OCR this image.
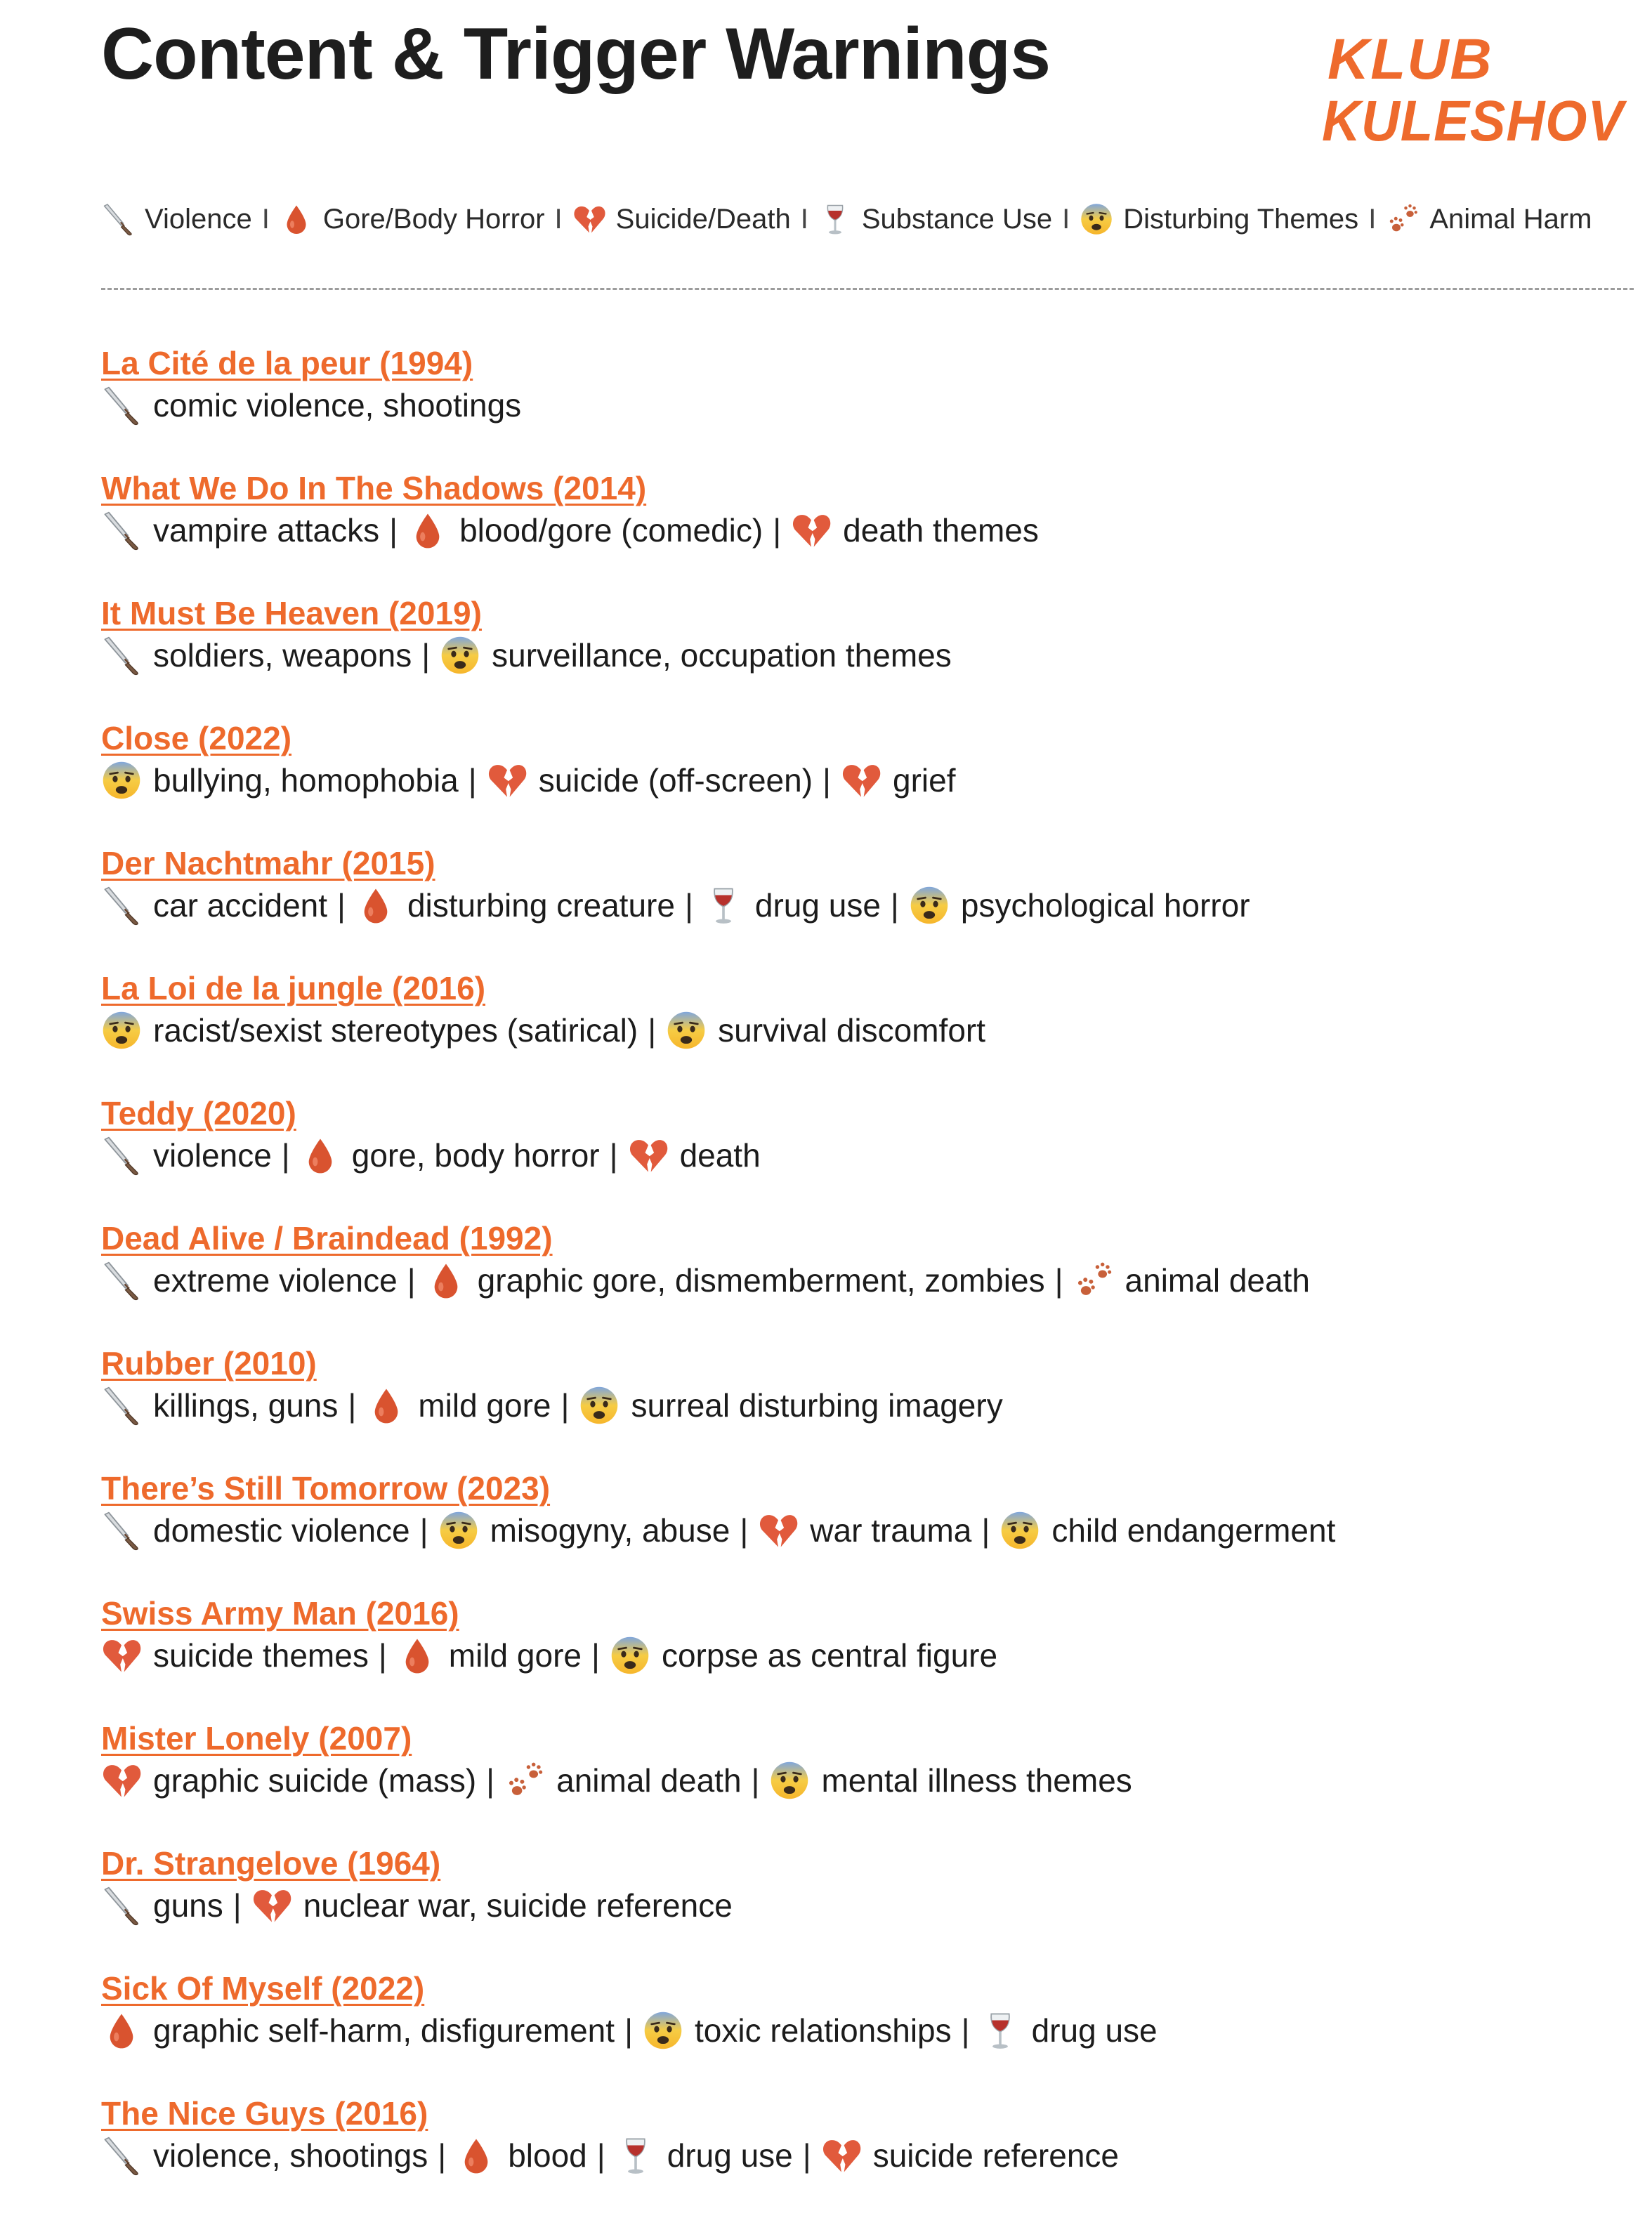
Content & Trigger Warnings	KLUB
KULESHOV
Violence I Gore/Body Horror I Suicide/Death I Substance Use I Disturbing Themes I Animal Harm
La Cité de la peur (1994)
comic violence, shootings
What We Do In The Shadows (2014)
vampire attacks | blood/gore (comedic) | death themes
It Must Be Heaven (2019)
soldiers, weapons | surveillance, occupation themes
Close (2022)
bullying, homophobia | suicide (off-screen) | grief
Der Nachtmahr (2015)
car accident | disturbing creature | drug use | psychological horror
La Loi de la jungle (2016)
racist/sexist stereotypes (satirical) | survival discomfort
Teddy (2020)
violence | gore, body horror | death
Dead Alive / Braindead (1992)
extreme violence | graphic gore, dismemberment, zombies | animal death
Rubber (2010)
killings, guns | mild gore | surreal disturbing imagery
There’s Still Tomorrow (2023)
domestic violence | misogyny, abuse | war trauma | child endangerment
Swiss Army Man (2016)
suicide themes | mild gore | corpse as central figure
Mister Lonely (2007)
graphic suicide (mass) | animal death | mental illness themes
Dr. Strangelove (1964)
guns | nuclear war, suicide reference
Sick Of Myself (2022)
graphic self-harm, disfigurement | toxic relationships | drug use
The Nice Guys (2016)
violence, shootings | blood | drug use | suicide reference
